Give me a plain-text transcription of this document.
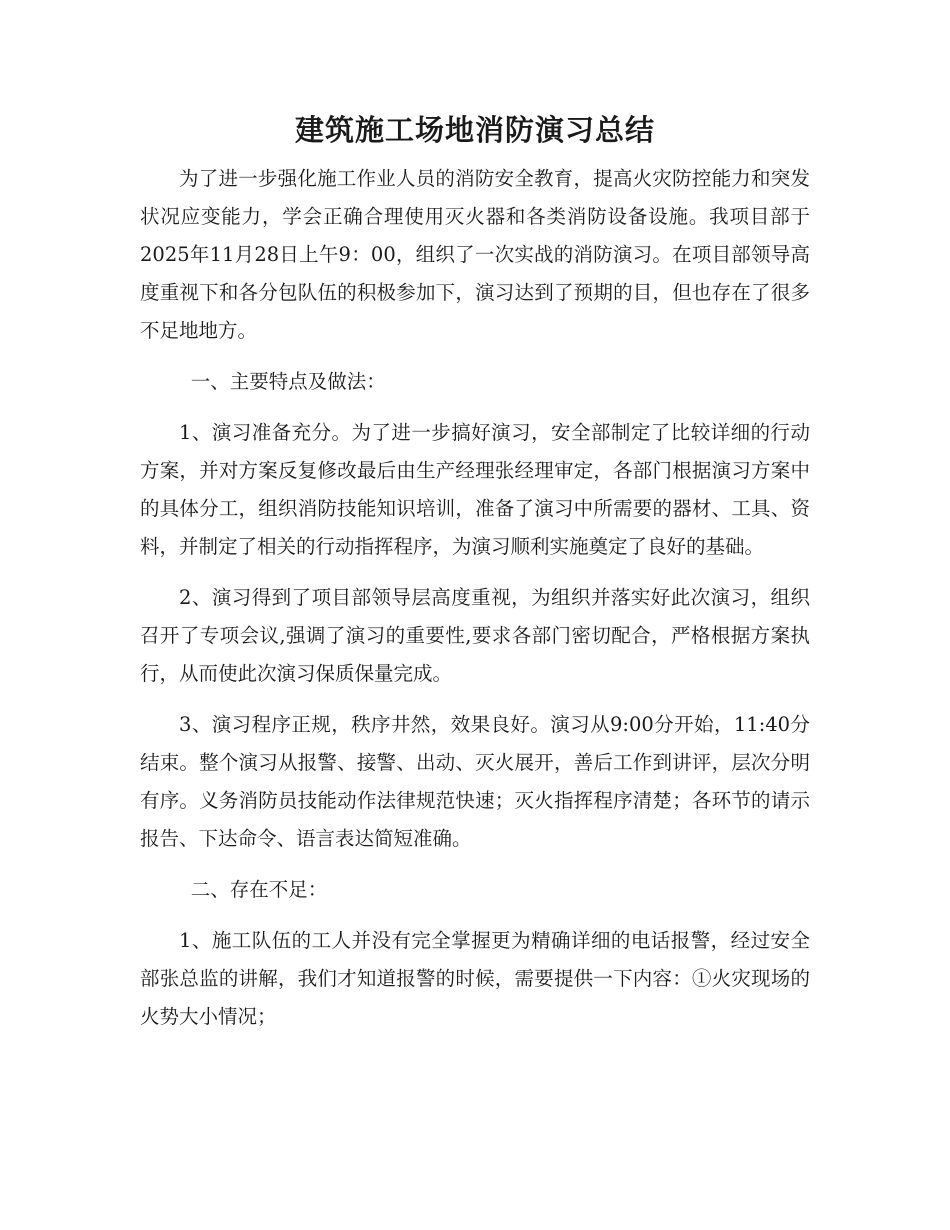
建筑施工场地消防演习总结

为了进一步强化施工作业人员的消防安全教育，提高火灾防控能力和突发状况应变能力，学会正确合理使用灭火器和各类消防设备设施。我项目部于2025年11月28日上午9：00，组织了一次实战的消防演习。在项目部领导高度重视下和各分包队伍的积极参加下，演习达到了预期的目，但也存在了很多不足地地方。

一、主要特点及做法：

1、演习准备充分。为了进一步搞好演习，安全部制定了比较详细的行动方案，并对方案反复修改最后由生产经理张经理审定，各部门根据演习方案中的具体分工，组织消防技能知识培训，准备了演习中所需要的器材、工具、资料，并制定了相关的行动指挥程序，为演习顺利实施奠定了良好的基础。

2、演习得到了项目部领导层高度重视，为组织并落实好此次演习，组织召开了专项会议,强调了演习的重要性,要求各部门密切配合，严格根据方案执行，从而使此次演习保质保量完成。

3、演习程序正规，秩序井然，效果良好。演习从9:00分开始，11:40分结束。整个演习从报警、接警、出动、灭火展开，善后工作到讲评，层次分明有序。义务消防员技能动作法律规范快速；灭火指挥程序清楚；各环节的请示报告、下达命令、语言表达简短准确。

二、存在不足：

1、施工队伍的工人并没有完全掌握更为精确详细的电话报警，经过安全部张总监的讲解，我们才知道报警的时候，需要提供一下内容：①火灾现场的火势大小情况；
